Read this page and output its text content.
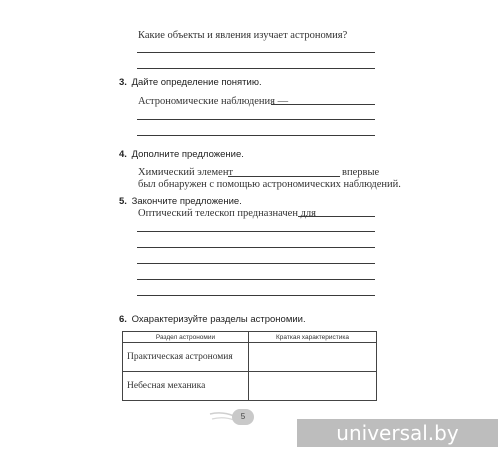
Какие объекты и явления изучает астрономия?
3. Дайте определение понятию.
Астрономические наблюдения —
4. Дополните предложение.
Химический элемент	впервые
был обнаружен с помощью астрономических наблюдений.
5. Закончите предложение.
Оптический телескоп предназначен для
6. Охарактеризуйте разделы астрономии.
Раздел астрономии	Краткая характеристика
Практическая астрономия	
Небесная механика	
5
universal.by
